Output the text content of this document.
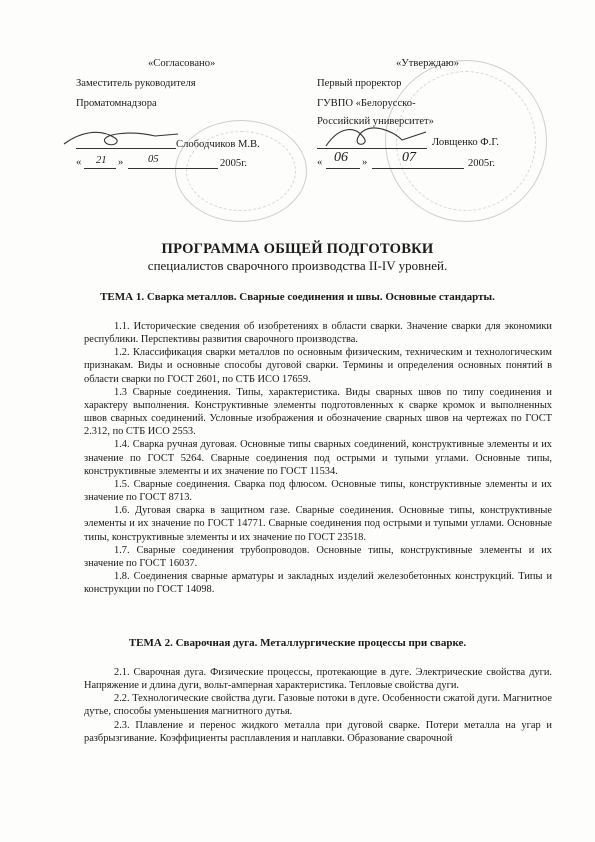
«Согласовано»
Заместитель руководителя
Проматомнадзора
Слободчиков М.В.
« 21 » 05	2005г.
«Утверждаю»
Первый проректор
ГУВПО «Белорусско-
Российский университет»
Ловщенко Ф.Г.
« 06 » 07	2005г.
ПРОГРАММА ОБЩЕЙ ПОДГОТОВКИ
специалистов сварочного производства II-IV уровней.
ТЕМА 1. Сварка металлов. Сварные соединения и швы. Основные стандарты.

1.1. Исторические сведения об изобретениях в области сварки. Значение сварки для экономики республики. Перспективы развития сварочного производства.

1.2. Классификация сварки металлов по основным физическим, техническим и технологическим признакам. Виды и основные способы дуговой сварки. Термины и определения основных понятий в области сварки по ГОСТ 2601, по СТБ ИСО 17659.

1.3 Сварные соединения. Типы, характеристика. Виды сварных швов по типу соединения и характеру выполнения. Конструктивные элементы подготовленных к сварке кромок и выполненных швов сварных соединений. Условные изображения и обозначение сварных швов на чертежах по ГОСТ 2.312, по СТБ ИСО 2553.

1.4. Сварка ручная дуговая. Основные типы сварных соединений, конструктивные элементы и их значение по ГОСТ 5264. Сварные соединения под острыми и тупыми углами. Основные типы, конструктивные элементы и их значение по ГОСТ 11534.

1.5. Сварные соединения. Сварка под флюсом. Основные типы, конструктивные элементы и их значение по ГОСТ 8713.

1.6. Дуговая сварка в защитном газе. Сварные соединения. Основные типы, конструктивные элементы и их значение по ГОСТ 14771. Сварные соединения под острыми и тупыми углами. Основные типы, конструктивные элементы и их значение по ГОСТ 23518.

1.7. Сварные соединения трубопроводов. Основные типы, конструктивные элементы и их значение по ГОСТ 16037.

1.8. Соединения сварные арматуры и закладных изделий железобетонных конструкций. Типы и конструкции по ГОСТ 14098.

ТЕМА 2. Сварочная дуга. Металлургические процессы при сварке.

2.1. Сварочная дуга. Физические процессы, протекающие в дуге. Электрические свойства дуги. Напряжение и длина дуги, вольт-амперная характеристика. Тепловые свойства дуги.

2.2. Технологические свойства дуги. Газовые потоки в дуге. Особенности сжатой дуги. Магнитное дутье, способы уменьшения магнитного дутья.

2.3. Плавление и перенос жидкого металла при дуговой сварке. Потери металла на угар и разбрызгивание. Коэффициенты расплавления и наплавки. Образование сварочной
